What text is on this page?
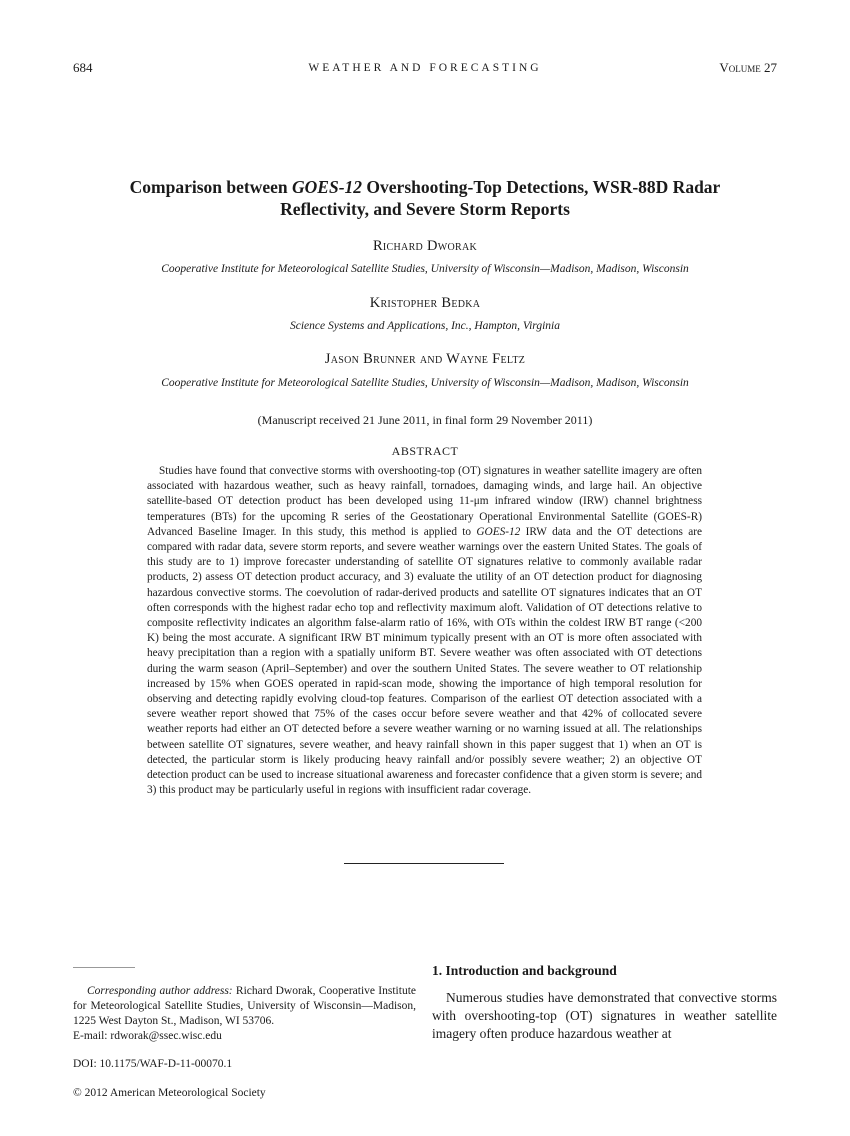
684	WEATHER AND FORECASTING	Volume 27
Comparison between GOES-12 Overshooting-Top Detections, WSR-88D Radar Reflectivity, and Severe Storm Reports
Richard Dworak
Cooperative Institute for Meteorological Satellite Studies, University of Wisconsin—Madison, Madison, Wisconsin
Kristopher Bedka
Science Systems and Applications, Inc., Hampton, Virginia
Jason Brunner and Wayne Feltz
Cooperative Institute for Meteorological Satellite Studies, University of Wisconsin—Madison, Madison, Wisconsin
(Manuscript received 21 June 2011, in final form 29 November 2011)
ABSTRACT

Studies have found that convective storms with overshooting-top (OT) signatures in weather satellite imagery are often associated with hazardous weather, such as heavy rainfall, tornadoes, damaging winds, and large hail. An objective satellite-based OT detection product has been developed using 11-μm infrared window (IRW) channel brightness temperatures (BTs) for the upcoming R series of the Geostationary Operational Environmental Satellite (GOES-R) Advanced Baseline Imager. In this study, this method is applied to GOES-12 IRW data and the OT detections are compared with radar data, severe storm reports, and severe weather warnings over the eastern United States. The goals of this study are to 1) improve forecaster understanding of satellite OT signatures relative to commonly available radar products, 2) assess OT detection product accuracy, and 3) evaluate the utility of an OT detection product for diagnosing hazardous convective storms. The coevolution of radar-derived products and satellite OT signatures indicates that an OT often corresponds with the highest radar echo top and reflectivity maximum aloft. Validation of OT detections relative to composite reflectivity indicates an algorithm false-alarm ratio of 16%, with OTs within the coldest IRW BT range (<200 K) being the most accurate. A significant IRW BT minimum typically present with an OT is more often associated with heavy precipitation than a region with a spatially uniform BT. Severe weather was often associated with OT detections during the warm season (April–September) and over the southern United States. The severe weather to OT relationship increased by 15% when GOES operated in rapid-scan mode, showing the importance of high temporal resolution for observing and detecting rapidly evolving cloud-top features. Comparison of the earliest OT detection associated with a severe weather report showed that 75% of the cases occur before severe weather and that 42% of collocated severe weather reports had either an OT detected before a severe weather warning or no warning issued at all. The relationships between satellite OT signatures, severe weather, and heavy rainfall shown in this paper suggest that 1) when an OT is detected, the particular storm is likely producing heavy rainfall and/or possibly severe weather; 2) an objective OT detection product can be used to increase situational awareness and forecaster confidence that a given storm is severe; and 3) this product may be particularly useful in regions with insufficient radar coverage.

Corresponding author address: Richard Dworak, Cooperative Institute for Meteorological Satellite Studies, University of Wisconsin—Madison, 1225 West Dayton St., Madison, WI 53706.
E-mail: rdworak@ssec.wisc.edu

DOI: 10.1175/WAF-D-11-00070.1
© 2012 American Meteorological Society
1. Introduction and background

Numerous studies have demonstrated that convective storms with overshooting-top (OT) signatures in weather satellite imagery often produce hazardous weather at
